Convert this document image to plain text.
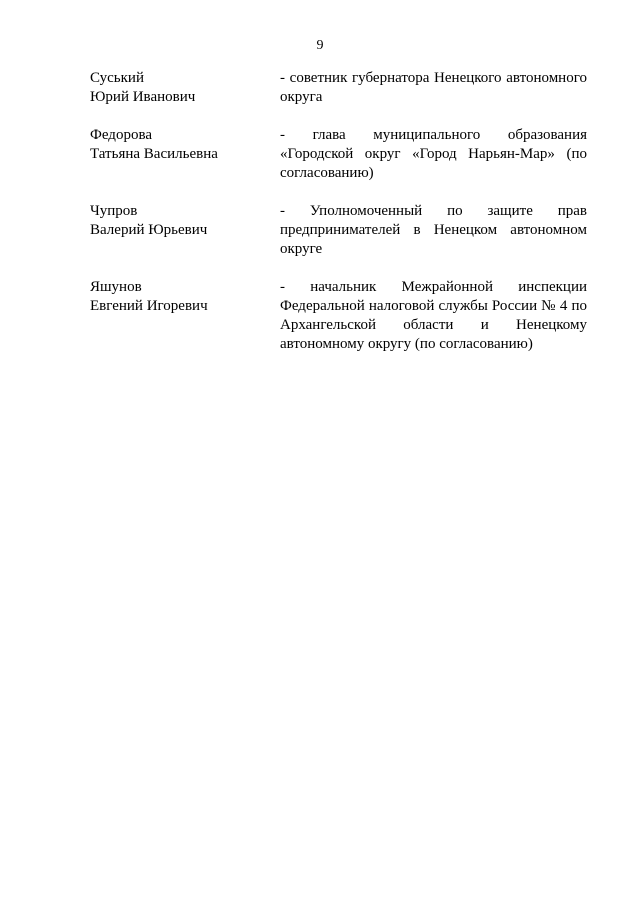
9
Суський
Юрий Иванович
- советник губернатора Ненецкого автономного округа
Федорова
Татьяна Васильевна
- глава муниципального образования «Городской округ «Город Нарьян-Мар» (по согласованию)
Чупров
Валерий Юрьевич
- Уполномоченный по защите прав предпринимателей в Ненецком автономном округе
Яшунов
Евгений Игоревич
- начальник Межрайонной инспекции Федеральной налоговой службы России № 4 по Архангельской области и Ненецкому автономному округу (по согласованию)
